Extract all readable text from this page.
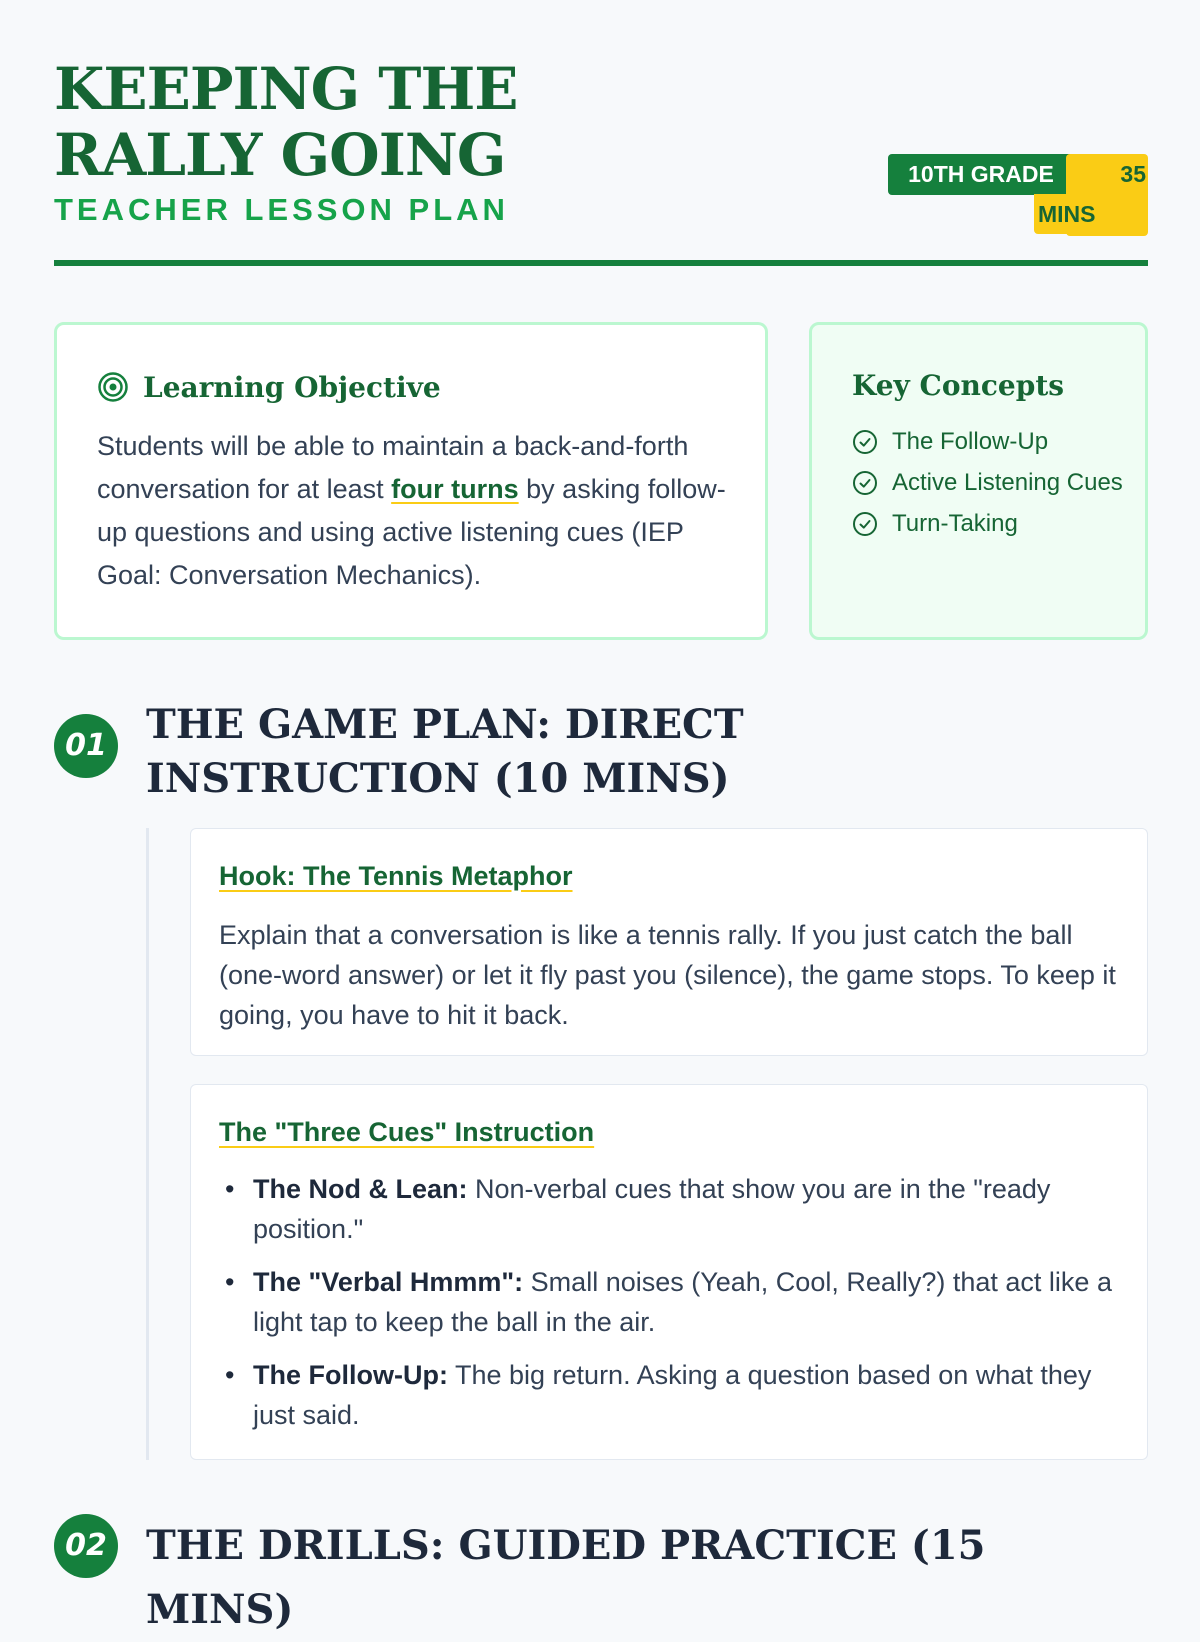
KEEPING THE RALLY GOING
TEACHER LESSON PLAN
10TH GRADE	35
MINS
Learning Objective

Students will be able to maintain a back-and-forth conversation for at least four turns by asking follow-up questions and using active listening cues (IEP Goal: Conversation Mechanics).

Key Concepts
The Follow-Up
Active Listening Cues
Turn-Taking
01 THE GAME PLAN: DIRECT INSTRUCTION (10 MINS)
Hook: The Tennis Metaphor

Explain that a conversation is like a tennis rally. If you just catch the ball (one-word answer) or let it fly past you (silence), the game stops. To keep it going, you have to hit it back.

The "Three Cues" Instruction
• The Nod & Lean: Non-verbal cues that show you are in the "ready position."
• The "Verbal Hmmm": Small noises (Yeah, Cool, Really?) that act like a light tap to keep the ball in the air.
• The Follow-Up: The big return. Asking a question based on what they just said.
02 THE DRILLS: GUIDED PRACTICE (15 MINS)
